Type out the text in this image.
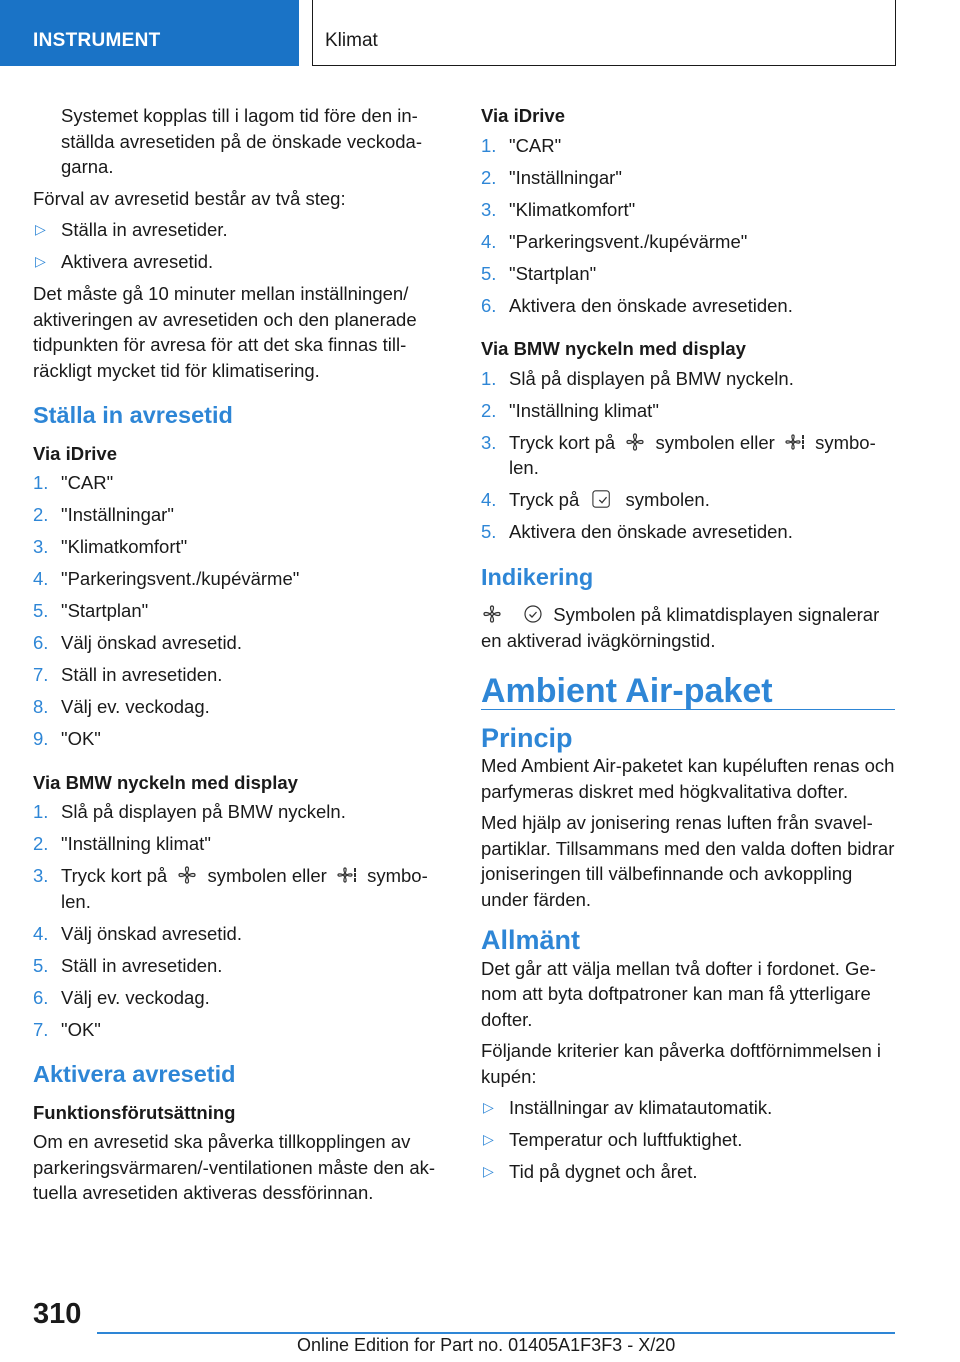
INSTRUMENT	Klimat

Systemet kopplas till i lagom tid före den inställda avresetiden på de önskade veckodagarna.

Förval av avresetid består av två steg:

▷ Ställa in avresetider.
▷ Aktivera avresetid.

Det måste gå 10 minuter mellan inställningen/ aktiveringen av avresetiden och den planerade tidpunkten för avresa för att det ska finnas tillräckligt mycket tid för klimatisering.

Ställa in avresetid
Via iDrive
1. "CAR"
2. "Inställningar"
3. "Klimatkomfort"
4. "Parkeringsvent./kupévärme"
5. "Startplan"
6. Välj önskad avresetid.
7. Ställ in avresetiden.
8. Välj ev. veckodag.
9. "OK"
Via BMW nyckeln med display
1. Slå på displayen på BMW nyckeln.
2. "Inställning klimat"
3. Tryck kort på symbolen eller symbolen.
4. Välj önskad avresetid.
5. Ställ in avresetiden.
6. Välj ev. veckodag.
7. "OK"
Aktivera avresetid
Funktionsförutsättning

Om en avresetid ska påverka tillkopplingen av parkeringsvärmaren/-ventilationen måste den aktuella avresetiden aktiveras dessförinnan.

Via iDrive
1. "CAR"
2. "Inställningar"
3. "Klimatkomfort"
4. "Parkeringsvent./kupévärme"
5. "Startplan"
6. Aktivera den önskade avresetiden.
Via BMW nyckeln med display
1. Slå på displayen på BMW nyckeln.
2. "Inställning klimat"
3. Tryck kort på symbolen eller symbolen.
4. Tryck på	symbolen.
5. Aktivera den önskade avresetiden.
Indikering

Symbolen på klimatdisplayen signalerar en aktiverad ivägkörningstid.

Ambient Air-paket
Princip

Med Ambient Air-paketet kan kupéluften renas och parfymeras diskret med högkvalitativa dofter.

Med hjälp av jonisering renas luften från svavelpartiklar. Tillsammans med den valda doften bidrar joniseringen till välbefinnande och avkoppling under färden.

Allmänt

Det går att välja mellan två dofter i fordonet. Genom att byta doftpatroner kan man få ytterligare dofter.

Följande kriterier kan påverka doftförnimmelsen i kupén:

▷ Inställningar av klimatautomatik.
▷ Temperatur och luftfuktighet.
▷ Tid på dygnet och året.
310
Online Edition for Part no. 01405A1F3F3 - X/20
